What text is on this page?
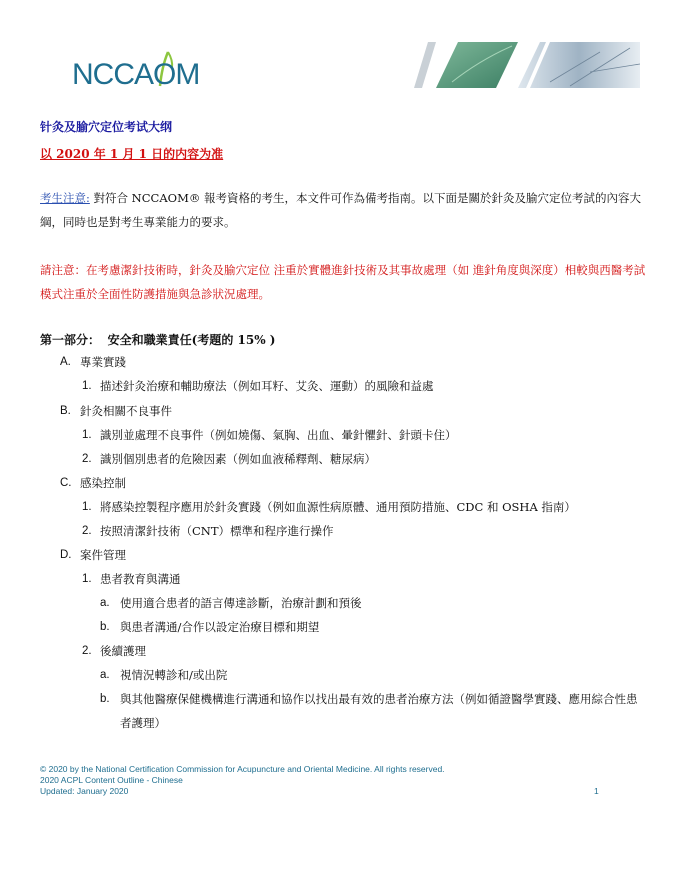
NCCAOM
针灸及腧穴定位考试大纲
以 2020 年 1 月 1 日的内容为准
考生注意: 對符合 NCCAOM® 報考資格的考生，本文件可作為備考指南。以下面是關於針灸及腧穴定位考試的內容大綱，同時也是對考生專業能力的要求。
請注意：在考慮潔針技術時，針灸及腧穴定位 注重於實體進針技術及其事故處理（如 進針角度與深度）相較與西醫考試模式注重於全面性防護措施與急診狀況處理。
第一部分： 安全和職業責任(考題的 15% )
A. 專業實踐
1. 描述針灸治療和輔助療法（例如耳籽、艾灸、運動）的風險和益處
B. 針灸相關不良事件
1. 識別並處理不良事件（例如燒傷、氣胸、出血、暈針懼針、針頭卡住）
2. 識別個別患者的危險因素（例如血液稀釋劑、糖尿病）
C. 感染控制
1. 將感染控製程序應用於針灸實踐（例如血源性病原體、通用預防措施、CDC 和 OSHA 指南）
2. 按照清潔針技術（CNT）標準和程序進行操作
D. 案件管理
1. 患者教育與溝通
a. 使用適合患者的語言傳達診斷，治療計劃和預後
b. 與患者溝通/合作以設定治療目標和期望
2. 後續護理
a. 視情況轉診和/或出院
b. 與其他醫療保健機構進行溝通和協作以找出最有效的患者治療方法（例如循證醫學實踐、應用綜合性患者護理）
© 2020 by the National Certification Commission for Acupuncture and Oriental Medicine. All rights reserved.
2020 ACPL Content Outline - Chinese
Updated: January 2020	1
